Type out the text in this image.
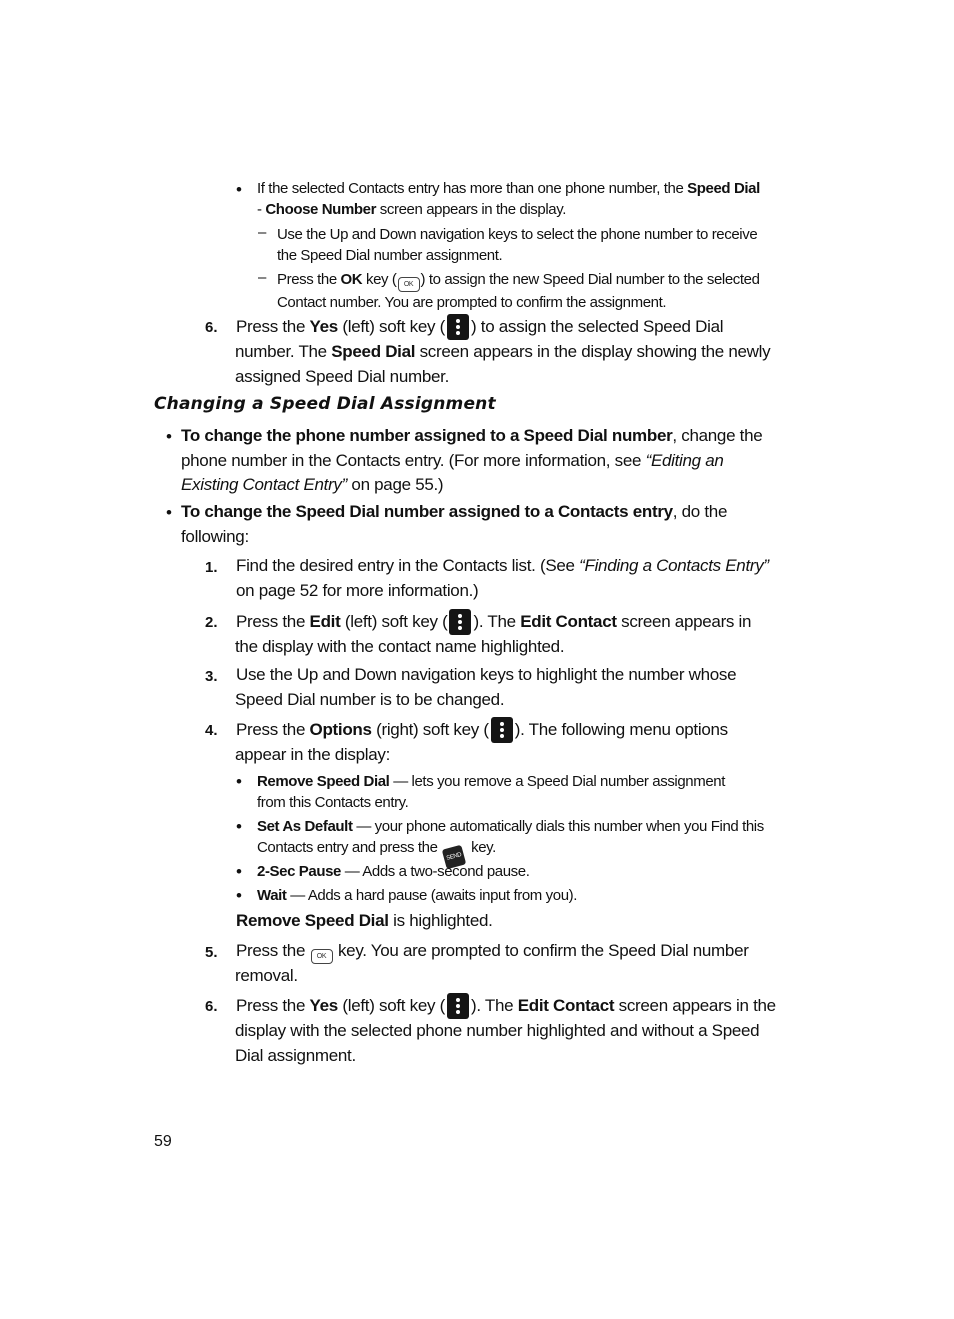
• If the selected Contacts entry has more than one phone number, the Speed Dial
- Choose Number screen appears in the display.
– Use the Up and Down navigation keys to select the phone number to receive the Speed Dial number assignment.
– Press the OK key ( OK ) to assign the new Speed Dial number to the selected Contact number. You are prompted to confirm the assignment.
6. Press the Yes (left) soft key ( ) to assign the selected Speed Dial number. The Speed Dial screen appears in the display showing the newly assigned Speed Dial number.
Changing a Speed Dial Assignment
• To change the phone number assigned to a Speed Dial number, change the phone number in the Contacts entry. (For more information, see “Editing an Existing Contact Entry” on page 55.)
• To change the Speed Dial number assigned to a Contacts entry, do the following:
1. Find the desired entry in the Contacts list. (See “Finding a Contacts Entry” on page 52 for more information.)
2. Press the Edit (left) soft key ( ). The Edit Contact screen appears in the display with the contact name highlighted.
3. Use the Up and Down navigation keys to highlight the number whose Speed Dial number is to be changed.
4. Press the Options (right) soft key ( ). The following menu options appear in the display:
• Remove Speed Dial — lets you remove a Speed Dial number assignment from this Contacts entry.
• Set As Default — your phone automatically dials this number when you Find this Contacts entry and press the SEND key.
• 2-Sec Pause — Adds a two-second pause.
• Wait — Adds a hard pause (awaits input from you).
Remove Speed Dial is highlighted.
5. Press the OK key. You are prompted to confirm the Speed Dial number removal.
6. Press the Yes (left) soft key ( ). The Edit Contact screen appears in the display with the selected phone number highlighted and without a Speed Dial assignment.
59
